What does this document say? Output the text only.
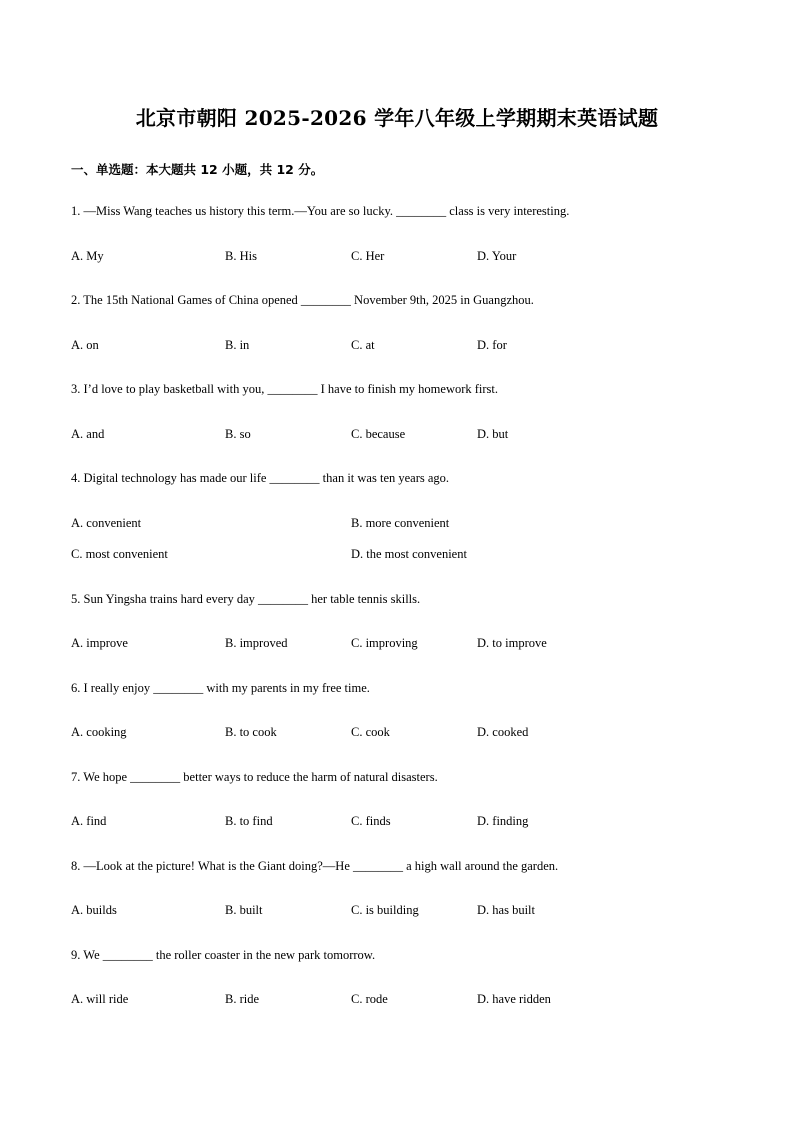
北京市朝阳 2025-2026 学年八年级上学期期末英语试题
一、单选题：本大题共 12 小题，共 12 分。
1. —Miss Wang teaches us history this term.—You are so lucky. ________ class is very interesting.
A. My	B. His	C. Her	D. Your
2. The 15th National Games of China opened ________ November 9th, 2025 in Guangzhou.
A. on	B. in	C. at	D. for
3. I’d love to play basketball with you, ________ I have to finish my homework first.
A. and	B. so	C. because	D. but
4. Digital technology has made our life ________ than it was ten years ago.
A. convenient	B. more convenient
C. most convenient	D. the most convenient
5. Sun Yingsha trains hard every day ________ her table tennis skills.
A. improve	B. improved	C. improving	D. to improve
6. I really enjoy ________ with my parents in my free time.
A. cooking	B. to cook	C. cook	D. cooked
7. We hope ________ better ways to reduce the harm of natural disasters.
A. find	B. to find	C. finds	D. finding
8. —Look at the picture! What is the Giant doing?—He ________ a high wall around the garden.
A. builds	B. built	C. is building	D. has built
9. We ________ the roller coaster in the new park tomorrow.
A. will ride	B. ride	C. rode	D. have ridden
